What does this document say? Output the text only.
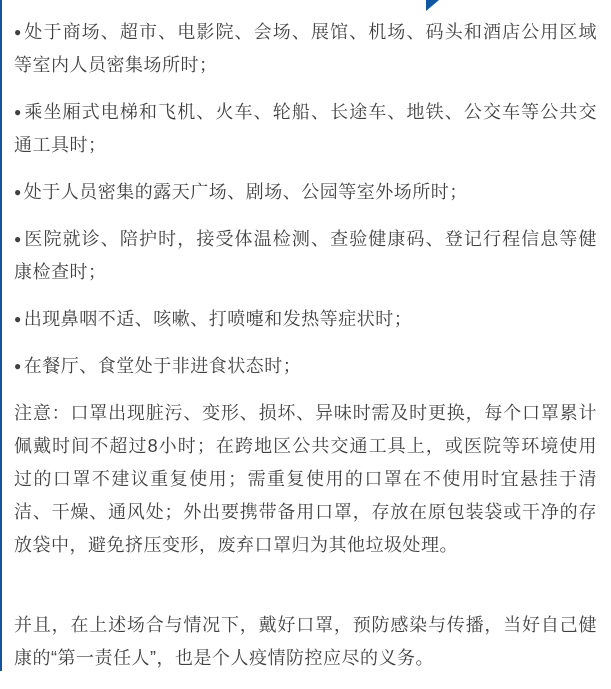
● 处于商场、超市、电影院、会场、展馆、机场、码头和酒店公用区域等室内人员密集场所时；

● 乘坐厢式电梯和飞机、火车、轮船、长途车、地铁、公交车等公共交通工具时；

● 处于人员密集的露天广场、剧场、公园等室外场所时；

● 医院就诊、陪护时，接受体温检测、查验健康码、登记行程信息等健康检查时；

● 出现鼻咽不适、咳嗽、打喷嚏和发热等症状时；

● 在餐厅、食堂处于非进食状态时；

注意：口罩出现脏污、变形、损坏、异味时需及时更换，每个口罩累计佩戴时间不超过8小时；在跨地区公共交通工具上，或医院等环境使用过的口罩不建议重复使用；需重复使用的口罩在不使用时宜悬挂于清洁、干燥、通风处；外出要携带备用口罩，存放在原包装袋或干净的存放袋中，避免挤压变形，废弃口罩归为其他垃圾处理。

并且，在上述场合与情况下，戴好口罩，预防感染与传播，当好自己健康的“第一责任人”，也是个人疫情防控应尽的义务。
